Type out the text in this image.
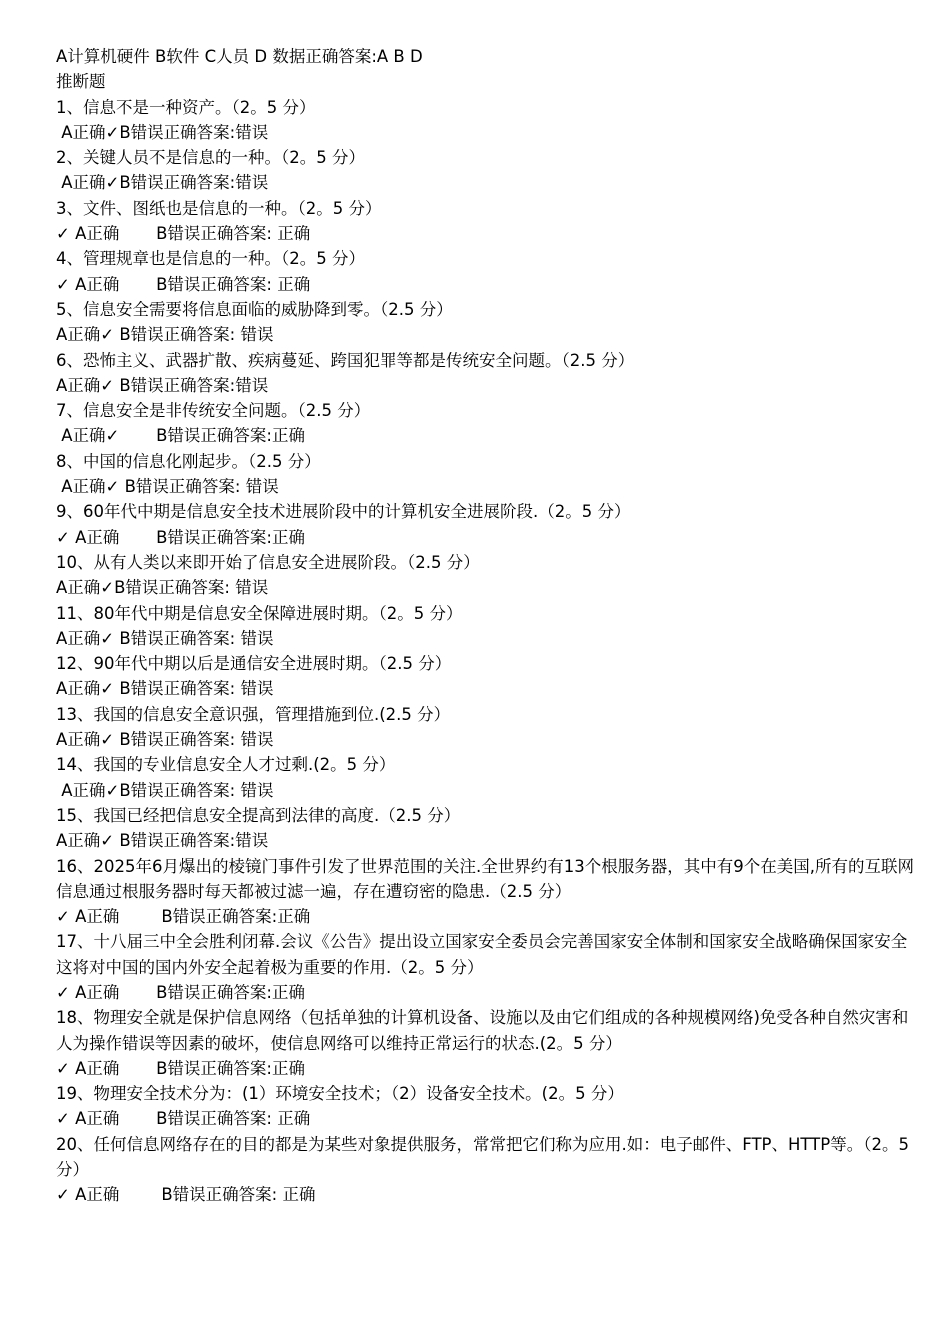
A计算机硬件 B软件 C人员 D 数据正确答案:A B D
推断题
1、信息不是一种资产。（2。5 分）
A正确✓B错误正确答案:错误
2、关键人员不是信息的一种。（2。5 分）
A正确✓B错误正确答案:错误
3、文件、图纸也是信息的一种。（2。5 分）
✓ A正确       B错误正确答案: 正确
4、管理规章也是信息的一种。（2。5 分）
✓ A正确       B错误正确答案: 正确
5、信息安全需要将信息面临的威胁降到零。（2.5 分）
A正确✓ B错误正确答案: 错误
6、恐怖主义、武器扩散、疾病蔓延、跨国犯罪等都是传统安全问题。（2.5 分）
A正确✓ B错误正确答案:错误
7、信息安全是非传统安全问题。（2.5 分）
A正确✓       B错误正确答案:正确
8、中国的信息化刚起步。（2.5 分）
A正确✓ B错误正确答案: 错误
9、60年代中期是信息安全技术进展阶段中的计算机安全进展阶段.（2。5 分）
✓ A正确       B错误正确答案:正确
10、从有人类以来即开始了信息安全进展阶段。（2.5 分）
A正确✓B错误正确答案: 错误
11、80年代中期是信息安全保障进展时期。（2。5 分）
A正确✓ B错误正确答案: 错误
12、90年代中期以后是通信安全进展时期。（2.5 分）
A正确✓ B错误正确答案: 错误
13、我国的信息安全意识强，管理措施到位.(2.5 分）
A正确✓ B错误正确答案: 错误
14、我国的专业信息安全人才过剩.(2。5 分）
A正确✓B错误正确答案: 错误
15、我国已经把信息安全提高到法律的高度.（2.5 分）
A正确✓ B错误正确答案:错误
16、2025年6月爆出的棱镜门事件引发了世界范围的关注.全世界约有13个根服务器，其中有9个在美国,所有的互联网信息通过根服务器时每天都被过滤一遍，存在遭窃密的隐患.（2.5 分）
✓ A正确        B错误正确答案:正确
17、十八届三中全会胜利闭幕.会议《公告》提出设立国家安全委员会完善国家安全体制和国家安全战略确保国家安全这将对中国的国内外安全起着极为重要的作用.（2。5 分）
✓ A正确       B错误正确答案:正确
18、物理安全就是保护信息网络（包括单独的计算机设备、设施以及由它们组成的各种规模网络)免受各种自然灾害和人为操作错误等因素的破坏，使信息网络可以维持正常运行的状态.(2。5 分）
✓ A正确       B错误正确答案:正确
19、物理安全技术分为：(1）环境安全技术；（2）设备安全技术。(2。5 分）
✓ A正确       B错误正确答案: 正确
20、任何信息网络存在的目的都是为某些对象提供服务，常常把它们称为应用.如：电子邮件、FTP、HTTP等。（2。5分）
✓ A正确        B错误正确答案: 正确
